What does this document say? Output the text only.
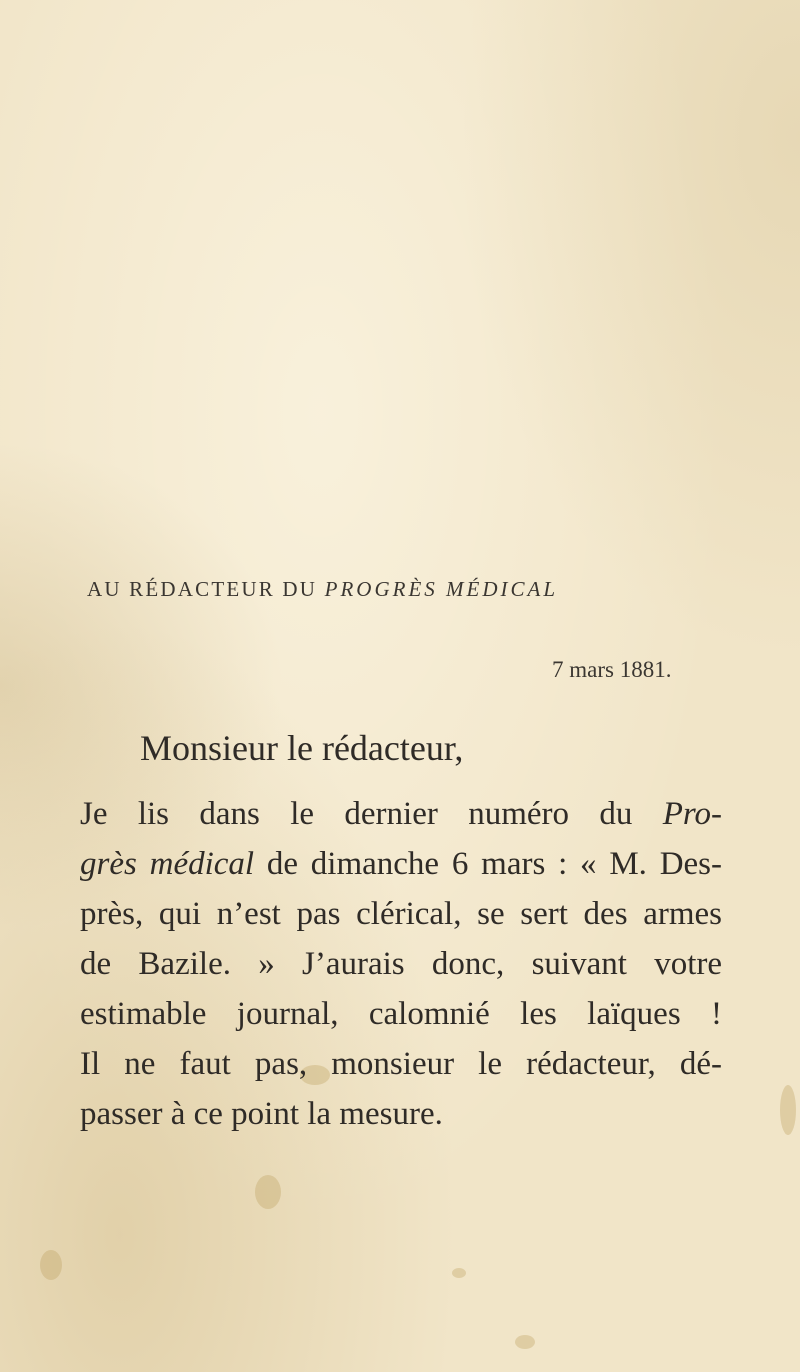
AU RÉDACTEUR DU PROGRÈS MÉDICAL
7 mars 1881.
Monsieur le rédacteur,
Je lis dans le dernier numéro du Pro-
grès médical de dimanche 6 mars : « M. Des-
près, qui n’est pas clérical, se sert des armes
de Bazile. » J’aurais donc, suivant votre
estimable journal, calomnié les laïques !
Il ne faut pas, monsieur le rédacteur, dé-
passer à ce point la mesure.
